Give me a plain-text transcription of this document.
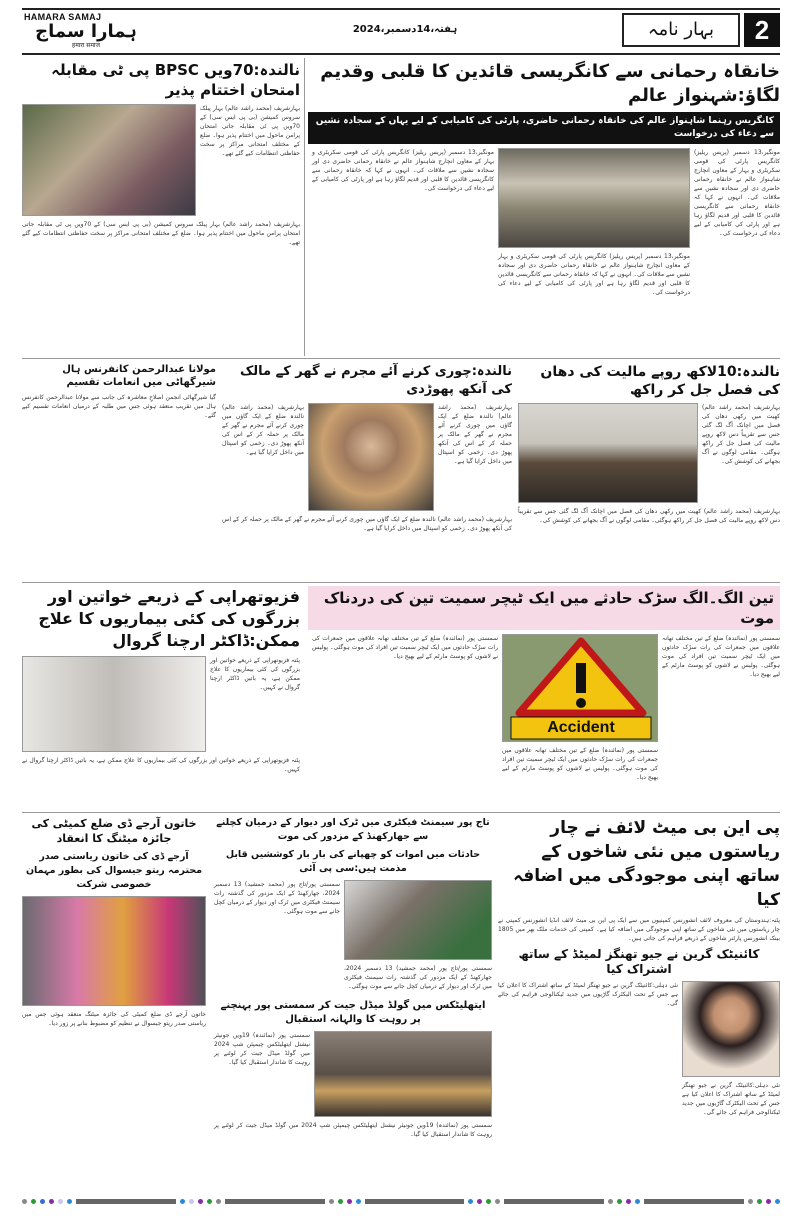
HAMARA SAMAJ
ہمارا سماج
हमारा समाज
ہفتہ،14دسمبر،2024	بہار نامہ	2
خانقاہ رحمانی سے کانگریسی قائدین کا قلبی وقدیم لگاؤ:شہنواز عالم
کانگریس رہنما شاہنواز عالم کی خانقاہ رحمانی حاضری، پارٹی کی کامیابی کے لیے یہاں کے سجادہ نشیں سے دعاء کی درخواست
مونگیر،13 دسمبر (پریس ریلیز) کانگریس پارٹی کی قومی سکریٹری و بہار کے معاون انچارج شاہنواز عالم نے خانقاہ رحمانی حاضری دی اور سجادہ نشیں سے ملاقات کی۔ انہوں نے کہا کہ خانقاہ رحمانی سے کانگریسی قائدین کا قلبی اور قدیم لگاؤ رہا ہے اور پارٹی کی کامیابی کے لیے دعاء کی درخواست کی۔
مونگیر،13 دسمبر (پریس ریلیز) کانگریس پارٹی کی قومی سکریٹری و بہار کے معاون انچارج شاہنواز عالم نے خانقاہ رحمانی حاضری دی اور سجادہ نشیں سے ملاقات کی۔ انہوں نے کہا کہ خانقاہ رحمانی سے کانگریسی قائدین کا قلبی اور قدیم لگاؤ رہا ہے اور پارٹی کی کامیابی کے لیے دعاء کی درخواست کی۔
مونگیر،13 دسمبر (پریس ریلیز) کانگریس پارٹی کی قومی سکریٹری و بہار کے معاون انچارج شاہنواز عالم نے خانقاہ رحمانی حاضری دی اور سجادہ نشیں سے ملاقات کی۔ انہوں نے کہا کہ خانقاہ رحمانی سے کانگریسی قائدین کا قلبی اور قدیم لگاؤ رہا ہے اور پارٹی کی کامیابی کے لیے دعاء کی درخواست کی۔
نالندہ:70ویں BPSC پی ٹی مقابلہ امتحان اختتام پذیر
بہارشریف (محمد راشد عالم) بہار پبلک سروس کمیشن (بی پی ایس سی) کے 70ویں پی ٹی مقابلہ جاتی امتحان پرامن ماحول میں اختتام پذیر ہوا۔ ضلع کے مختلف امتحانی مراکز پر سخت حفاظتی انتظامات کیے گئے تھے۔
بہارشریف (محمد راشد عالم) بہار پبلک سروس کمیشن (بی پی ایس سی) کے 70ویں پی ٹی مقابلہ جاتی امتحان پرامن ماحول میں اختتام پذیر ہوا۔ ضلع کے مختلف امتحانی مراکز پر سخت حفاظتی انتظامات کیے گئے تھے۔
نالندہ:10لاکھ روپے مالیت کی دھان کی فصل جل کر راکھ
بہارشریف (محمد راشد عالم) کھیت میں رکھی دھان کی فصل میں اچانک آگ لگ گئی جس سے تقریباً دس لاکھ روپے مالیت کی فصل جل کر راکھ ہوگئی۔ مقامی لوگوں نے آگ بجھانے کی کوشش کی۔
بہارشریف (محمد راشد عالم) کھیت میں رکھی دھان کی فصل میں اچانک آگ لگ گئی جس سے تقریباً دس لاکھ روپے مالیت کی فصل جل کر راکھ ہوگئی۔ مقامی لوگوں نے آگ بجھانے کی کوشش کی۔
نالندہ:چوری کرنے آئے مجرم نے گھر کے مالک کی آنکھ پھوڑدی
بہارشریف (محمد راشد عالم) نالندہ ضلع کے ایک گاؤں میں چوری کرنے آئے مجرم نے گھر کے مالک پر حملہ کر کے اس کی آنکھ پھوڑ دی۔ زخمی کو اسپتال میں داخل کرایا گیا ہے۔
بہارشریف (محمد راشد عالم) نالندہ ضلع کے ایک گاؤں میں چوری کرنے آئے مجرم نے گھر کے مالک پر حملہ کر کے اس کی آنکھ پھوڑ دی۔ زخمی کو اسپتال میں داخل کرایا گیا ہے۔
بہارشریف (محمد راشد عالم) نالندہ ضلع کے ایک گاؤں میں چوری کرنے آئے مجرم نے گھر کے مالک پر حملہ کر کے اس کی آنکھ پھوڑ دی۔ زخمی کو اسپتال میں داخل کرایا گیا ہے۔
مولانا عبدالرحمن کانفرنس ہال شیرگھاٹی میں انعامات تقسیم
گیا شیرگھاٹی انجمن اصلاحِ معاشرہ کی جانب سے مولانا عبدالرحمن کانفرنس ہال میں تقریب منعقد ہوئی جس میں طلبہ کے درمیان انعامات تقسیم کیے گئے۔
تین الگ۔الگ سڑک حادثے میں ایک ٹیچر سمیت تین کی دردناک موت
سمستی پور (نمائندہ) ضلع کے تین مختلف تھانہ علاقوں میں جمعرات کی رات سڑک حادثوں میں ایک ٹیچر سمیت تین افراد کی موت ہوگئی۔ پولیس نے لاشوں کو پوسٹ مارٹم کے لیے بھیج دیا۔
Accident
سمستی پور (نمائندہ) ضلع کے تین مختلف تھانہ علاقوں میں جمعرات کی رات سڑک حادثوں میں ایک ٹیچر سمیت تین افراد کی موت ہوگئی۔ پولیس نے لاشوں کو پوسٹ مارٹم کے لیے بھیج دیا۔
سمستی پور (نمائندہ) ضلع کے تین مختلف تھانہ علاقوں میں جمعرات کی رات سڑک حادثوں میں ایک ٹیچر سمیت تین افراد کی موت ہوگئی۔ پولیس نے لاشوں کو پوسٹ مارٹم کے لیے بھیج دیا۔
فزیوتھراپی کے ذریعے خواتین اور بزرگوں کی کئی بیماریوں کا علاج ممکن:ڈاکٹر ارچنا گروال
پٹنہ فزیوتھراپی کے ذریعے خواتین اور بزرگوں کی کئی بیماریوں کا علاج ممکن ہے، یہ باتیں ڈاکٹر ارچنا گروال نے کہیں۔
پٹنہ فزیوتھراپی کے ذریعے خواتین اور بزرگوں کی کئی بیماریوں کا علاج ممکن ہے، یہ باتیں ڈاکٹر ارچنا گروال نے کہیں۔
پی این بی میٹ لائف نے چار ریاستوں میں نئی شاخوں کے ساتھ اپنی موجودگی میں اضافہ کیا
پٹنہ:ہندوستان کی معروف لائف انشورنس کمپنیوں میں سے ایک پی این بی میٹ لائف انڈیا انشورنس کمپنی نے چار ریاستوں میں نئی شاخوں کے ساتھ اپنی موجودگی میں اضافہ کیا ہے۔ کمپنی کی خدمات ملک بھر میں 1805 بینک انشورنس پارٹنر شاخوں کے ذریعے فراہم کی جاتی ہیں۔
کائنیٹک گرین نے جیو تھنگز لمیٹڈ کے ساتھ اشتراک کیا
نئی دہلی:کائنیٹک گرین نے جیو تھنگز لمیٹڈ کے ساتھ اشتراک کا اعلان کیا ہے جس کے تحت الیکٹرک گاڑیوں میں جدید ٹیکنالوجی فراہم کی جائے گی۔
نئی دہلی:کائنیٹک گرین نے جیو تھنگز لمیٹڈ کے ساتھ اشتراک کا اعلان کیا ہے جس کے تحت الیکٹرک گاڑیوں میں جدید ٹیکنالوجی فراہم کی جائے گی۔
تاج پور سیمنٹ فیکٹری میں ٹرک اور دیوار کے درمیان کچلنے سے جھارکھنڈ کے مزدور کی موت
حادثات میں اموات کو چھپانے کی بار بار کوششیں قابل مذمت ہیں:سی پی آئی
سمستی پور/تاج پور (محمد جمشید) 13 دسمبر 2024، جھارکھنڈ کے ایک مزدور کی گذشتہ رات سیمنٹ فیکٹری میں ٹرک اور دیوار کے درمیان کچل جانے سے موت ہوگئی۔
سمستی پور/تاج پور (محمد جمشید) 13 دسمبر 2024، جھارکھنڈ کے ایک مزدور کی گذشتہ رات سیمنٹ فیکٹری میں ٹرک اور دیوار کے درمیان کچل جانے سے موت ہوگئی۔
ایتھلیٹکس میں گولڈ میڈل جیت کر سمستی پور پہنچنے پر روہت کا والہانہ استقبال
سمستی پور (نمائندہ) 19ویں جونیئر نیشنل ایتھلیٹکس چیمپئن شپ 2024 میں گولڈ میڈل جیت کر لوٹنے پر روہت کا شاندار استقبال کیا گیا۔
سمستی پور (نمائندہ) 19ویں جونیئر نیشنل ایتھلیٹکس چیمپئن شپ 2024 میں گولڈ میڈل جیت کر لوٹنے پر روہت کا شاندار استقبال کیا گیا۔
خاتون آرجے ڈی ضلع کمیٹی کی جائزہ میٹنگ کا انعقاد
آرجے ڈی کی خاتون ریاستی صدر محترمہ ریتو جیسوال کی بطور مہمان خصوصی شرکت
خاتون آرجے ڈی ضلع کمیٹی کی جائزہ میٹنگ منعقد ہوئی جس میں ریاستی صدر ریتو جیسوال نے تنظیم کو مضبوط بنانے پر زور دیا۔
